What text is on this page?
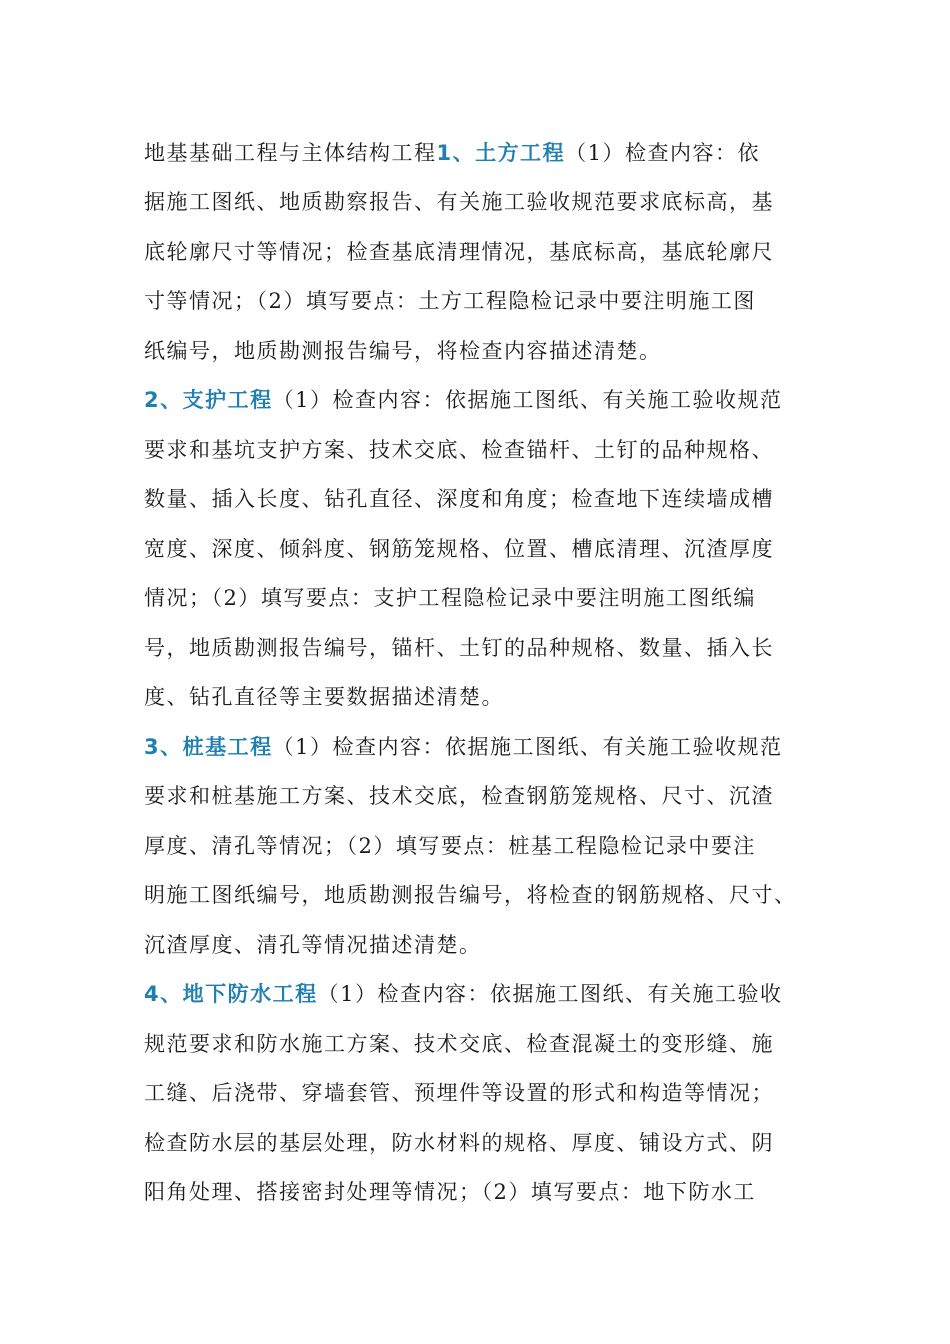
地基基础工程与主体结构工程1、土方工程（1）检查内容：依
据施工图纸、地质勘察报告、有关施工验收规范要求底标高，基
底轮廓尺寸等情况；检查基底清理情况，基底标高，基底轮廓尺
寸等情况；（2）填写要点：土方工程隐检记录中要注明施工图
纸编号，地质勘测报告编号，将检查内容描述清楚。
2、支护工程（1）检查内容：依据施工图纸、有关施工验收规范
要求和基坑支护方案、技术交底、检查锚杆、土钉的品种规格、
数量、插入长度、钻孔直径、深度和角度；检查地下连续墙成槽
宽度、深度、倾斜度、钢筋笼规格、位置、槽底清理、沉渣厚度
情况；（2）填写要点：支护工程隐检记录中要注明施工图纸编
号，地质勘测报告编号，锚杆、土钉的品种规格、数量、插入长
度、钻孔直径等主要数据描述清楚。
3、桩基工程（1）检查内容：依据施工图纸、有关施工验收规范
要求和桩基施工方案、技术交底，检查钢筋笼规格、尺寸、沉渣
厚度、清孔等情况；（2）填写要点：桩基工程隐检记录中要注
明施工图纸编号，地质勘测报告编号，将检查的钢筋规格、尺寸、
沉渣厚度、清孔等情况描述清楚。
4、地下防水工程（1）检查内容：依据施工图纸、有关施工验收
规范要求和防水施工方案、技术交底、检查混凝土的变形缝、施
工缝、后浇带、穿墙套管、预埋件等设置的形式和构造等情况；
检查防水层的基层处理，防水材料的规格、厚度、铺设方式、阴
阳角处理、搭接密封处理等情况；（2）填写要点：地下防水工
